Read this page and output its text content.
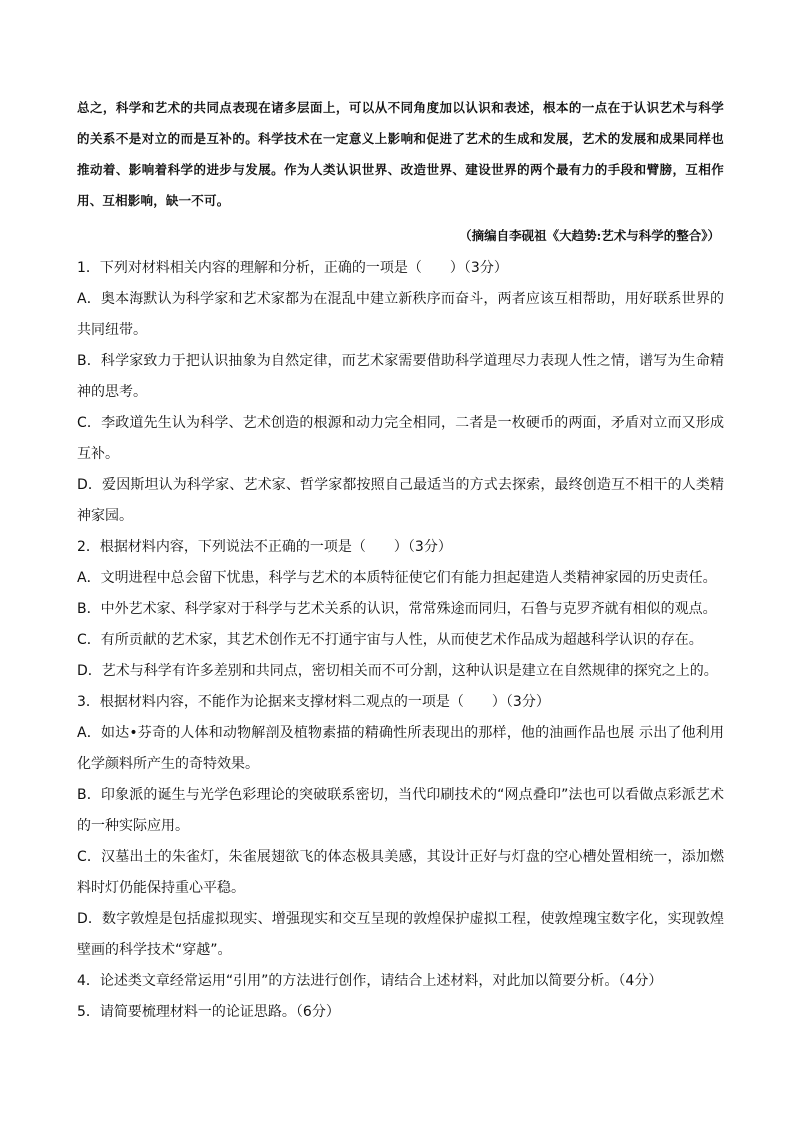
总之，科学和艺术的共同点表现在诸多层面上，可以从不同角度加以认识和表述，根本的一点在于认识艺术与科学的关系不是对立的而是互补的。科学技术在一定意义上影响和促进了艺术的生成和发展，艺术的发展和成果同样也推动着、影响着科学的进步与发展。作为人类认识世界、改造世界、建设世界的两个最有力的手段和臂膀，互相作用、互相影响，缺一不可。

（摘编自李砚祖《大趋势:艺术与科学的整合》）

1．下列对材料相关内容的理解和分析，正确的一项是（　　）（3分）

A．奥本海默认为科学家和艺术家都为在混乱中建立新秩序而奋斗，两者应该互相帮助，用好联系世界的共同纽带。

B．科学家致力于把认识抽象为自然定律，而艺术家需要借助科学道理尽力表现人性之情，谱写为生命精神的思考。

C．李政道先生认为科学、艺术创造的根源和动力完全相同，二者是一枚硬币的两面，矛盾对立而又形成互补。

D．爱因斯坦认为科学家、艺术家、哲学家都按照自己最适当的方式去探索，最终创造互不相干的人类精神家园。

2．根据材料内容，下列说法不正确的一项是（　　）（3分）

A．文明进程中总会留下忧患，科学与艺术的本质特征使它们有能力担起建造人类精神家园的历史责任。

B．中外艺术家、科学家对于科学与艺术关系的认识，常常殊途而同归，石鲁与克罗齐就有相似的观点。

C．有所贡献的艺术家，其艺术创作无不打通宇宙与人性，从而使艺术作品成为超越科学认识的存在。

D．艺术与科学有许多差别和共同点，密切相关而不可分割，这种认识是建立在自然规律的探究之上的。

3．根据材料内容，不能作为论据来支撑材料二观点的一项是（　　）（3分）

A．如达•芬奇的人体和动物解剖及植物素描的精确性所表现出的那样，他的油画作品也展 示出了他利用化学颜料所产生的奇特效果。

B．印象派的诞生与光学色彩理论的突破联系密切，当代印刷技术的“网点叠印”法也可以看做点彩派艺术的一种实际应用。

C．汉墓出土的朱雀灯，朱雀展翅欲飞的体态极具美感，其设计正好与灯盘的空心槽处置相统一，添加燃料时灯仍能保持重心平稳。

D．数字敦煌是包括虚拟现实、增强现实和交互呈现的敦煌保护虚拟工程，使敦煌瑰宝数字化，实现敦煌壁画的科学技术“穿越”。

4．论述类文章经常运用“引用”的方法进行创作，请结合上述材料，对此加以简要分析。（4分）

5．请简要梳理材料一的论证思路。（6分）
